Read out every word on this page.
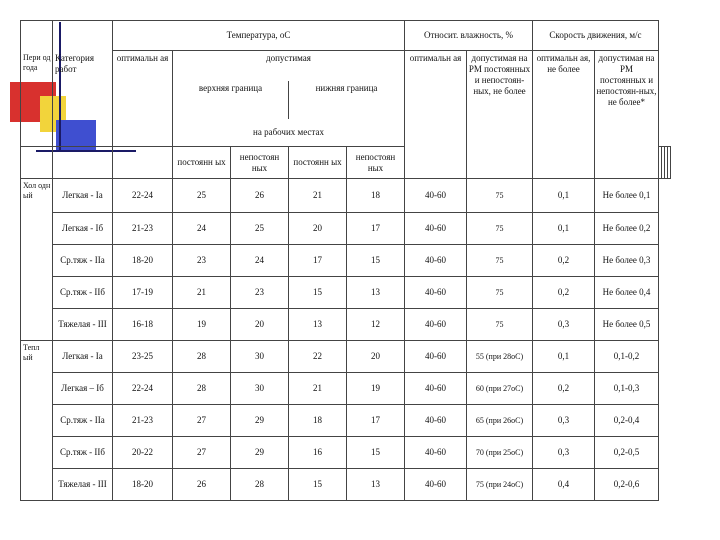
		Температура, оС					Относит. влажность, %		Скорость движения, м/с					
Пери од года	Категория работ	оптимальн ая	допустимая				оптимальн ая	допустимая на РМ постоянных и непостоян-ных, не более	оптимальн ая, не более	допустимая на РМ постоянных и непостоян-ных, не более*				
			верхняя граница		нижняя граница									
			на рабочих местах											
			постоянн ых	непостоян ных	постоянн ых	непостоян ных								
Хол одн ый	Легкая - Iа	22-24	25	26	21	18	40-60	75	0,1	Не более 0,1				
	Легкая - Iб	21-23	24	25	20	17	40-60	75	0,1	Не более 0,2				
	Ср.тяж - IIа	18-20	23	24	17	15	40-60	75	0,2	Не более 0,3				
	Ср.тяж - IIб	17-19	21	23	15	13	40-60	75	0,2	Не более 0,4				
	Тяжелая - III	16-18	19	20	13	12	40-60	75	0,3	Не более 0,5				
Тепл ый	Легкая - Iа	23-25	28	30	22	20	40-60	55 (при 28оС)	0,1	0,1-0,2				
	Легкая – Iб	22-24	28	30	21	19	40-60	60 (при 27оС)	0,2	0,1-0,3				
	Ср.тяж - IIа	21-23	27	29	18	17	40-60	65 (при 26оС)	0,3	0,2-0,4				
	Ср.тяж - IIб	20-22	27	29	16	15	40-60	70 (при 25оС)	0,3	0,2-0,5				
	Тяжелая - III	18-20	26	28	15	13	40-60	75 (при 24оС)	0,4	0,2-0,6				
